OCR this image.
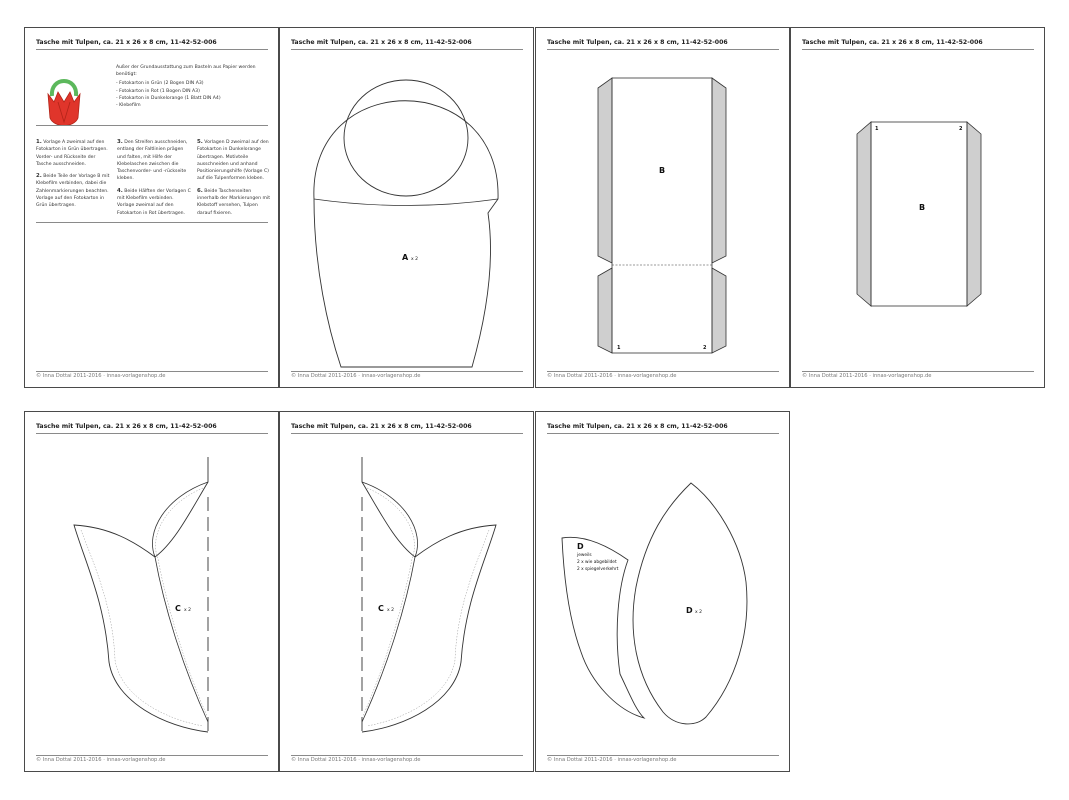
Tasche mit Tulpen, ca. 21 x 26 x 8 cm, 11-42-52-006
Außer der Grundausstattung zum Basteln aus Papier werden benötigt:
- Fotokarton in Grün (2 Bogen DIN A3)
- Fotokarton in Rot (1 Bogen DIN A3)
- Fotokarton in Dunkelorange (1 Blatt DIN A4)
- Klebefilm

1. Vorlage A zweimal auf den Fotokarton in Grün übertragen. Vorder- und Rückseite der Tasche ausschneiden.

2. Beide Teile der Vorlage B mit Klebefilm verbinden, dabei die Zahlenmarkierungen beachten. Vorlage auf den Fotokarton in Grün übertragen.

3. Den Streifen ausschneiden, entlang der Faltlinien prägen und falten, mit Hilfe der Klebelaschen zwischen die Taschenvorder- und -rückseite kleben.

4. Beide Hälften der Vorlagen C mit Klebefilm verbinden. Vorlage zweimal auf den Fotokarton in Rot übertragen.

5. Vorlagen D zweimal auf den Fotokarton in Dunkelorange übertragen. Motivteile ausschneiden und anhand Positionierungshilfe (Vorlage C) auf die Tulpenformen kleben.

6. Beide Taschenseiten innerhalb der Markierungen mit Klebstoff versehen, Tulpen darauf fixieren.

© Inna Dottai 2011-2016 · innas-vorlagenshop.de
Tasche mit Tulpen, ca. 21 x 26 x 8 cm, 11-42-52-006
A x 2
© Inna Dottai 2011-2016 · innas-vorlagenshop.de
Tasche mit Tulpen, ca. 21 x 26 x 8 cm, 11-42-52-006
B
1	2
© Inna Dottai 2011-2016 · innas-vorlagenshop.de
Tasche mit Tulpen, ca. 21 x 26 x 8 cm, 11-42-52-006
B
1	2
© Inna Dottai 2011-2016 · innas-vorlagenshop.de
Tasche mit Tulpen, ca. 21 x 26 x 8 cm, 11-42-52-006
C x 2
© Inna Dottai 2011-2016 · innas-vorlagenshop.de
Tasche mit Tulpen, ca. 21 x 26 x 8 cm, 11-42-52-006
C x 2
© Inna Dottai 2011-2016 · innas-vorlagenshop.de
Tasche mit Tulpen, ca. 21 x 26 x 8 cm, 11-42-52-006
D
jeweils
2 x wie abgebildet
2 x spiegelverkehrt
D x 2
© Inna Dottai 2011-2016 · innas-vorlagenshop.de
